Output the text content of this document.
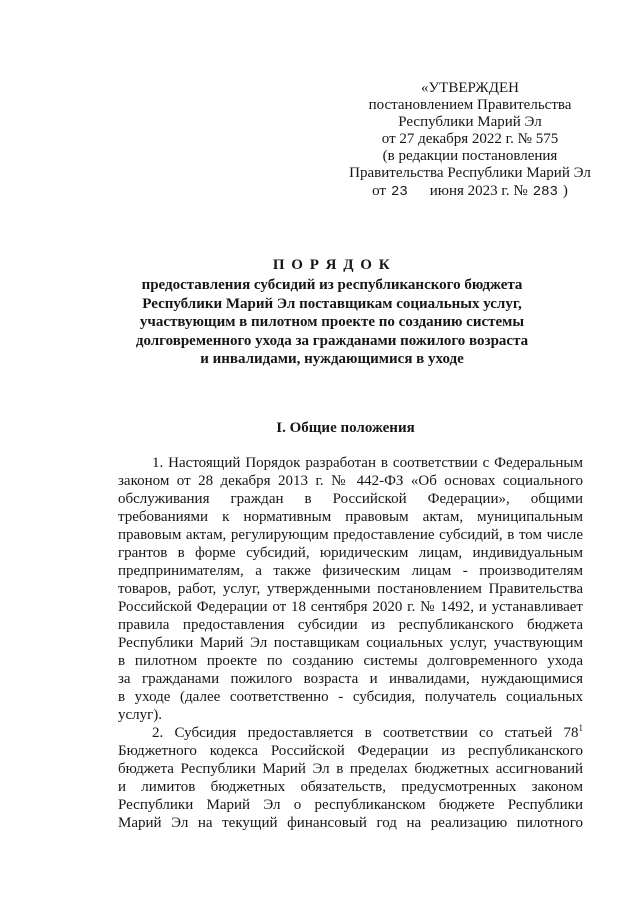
«УТВЕРЖДЕН
постановлением Правительства
Республики Марий Эл
от 27 декабря 2022 г. № 575
(в редакции постановления
Правительства Республики Марий Эл
от 23 июня 2023 г. № 283 )
П О Р Я Д О К
предоставления субсидий из республиканского бюджета
Республики Марий Эл поставщикам социальных услуг,
участвующим в пилотном проекте по созданию системы
долговременного ухода за гражданами пожилого возраста
и инвалидами, нуждающимися в уходе
I. Общие положения
1. Настоящий Порядок разработан в соответствии с Федеральным
законом от 28 декабря 2013 г. № 442-ФЗ «Об основах социального
обслуживания граждан в Российской Федерации», общими
требованиями к нормативным правовым актам, муниципальным
правовым актам, регулирующим предоставление субсидий, в том числе
грантов в форме субсидий, юридическим лицам, индивидуальным
предпринимателям, а также физическим лицам - производителям
товаров, работ, услуг, утвержденными постановлением Правительства
Российской Федерации от 18 сентября 2020 г. № 1492, и устанавливает
правила предоставления субсидии из республиканского бюджета
Республики Марий Эл поставщикам социальных услуг, участвующим
в пилотном проекте по созданию системы долговременного ухода
за гражданами пожилого возраста и инвалидами, нуждающимися
в уходе (далее соответственно - субсидия, получатель социальных
услуг).
2. Субсидия предоставляется в соответствии со статьей $78^1$
Бюджетного кодекса Российской Федерации из республиканского
бюджета Республики Марий Эл в пределах бюджетных ассигнований
и лимитов бюджетных обязательств, предусмотренных законом
Республики Марий Эл о республиканском бюджете Республики
Марий Эл на текущий финансовый год на реализацию пилотного
